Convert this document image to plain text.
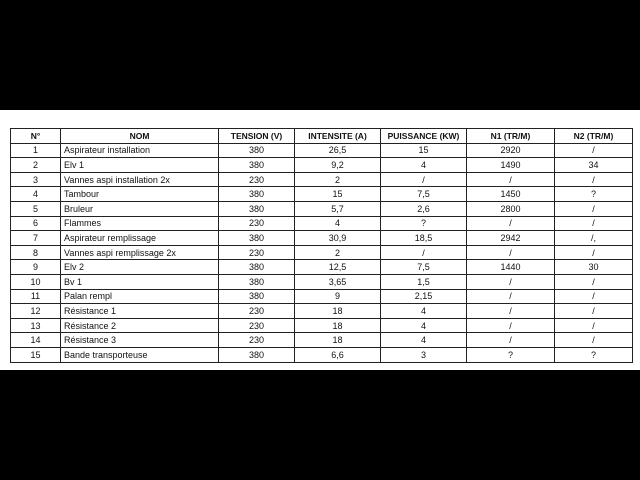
N°	NOM	TENSION (V)	INTENSITE (A)	PUISSANCE (KW)	N1 (TR/M)	N2 (TR/M)
1	Aspirateur installation	380	26,5	15	2920	/
2	Elv 1	380	9,2	4	1490	34
3	Vannes aspi installation 2x	230	2	/	/	/
4	Tambour	380	15	7,5	1450	?
5	Bruleur	380	5,7	2,6	2800	/
6	Flammes	230	4	?	/	/
7	Aspirateur remplissage	380	30,9	18,5	2942	/,
8	Vannes aspi remplissage 2x	230	2	/	/	/
9	Elv 2	380	12,5	7,5	1440	30
10	Bv 1	380	3,65	1,5	/	/
11	Palan rempl	380	9	2,15	/	/
12	Résistance 1	230	18	4	/	/
13	Résistance 2	230	18	4	/	/
14	Résistance 3	230	18	4	/	/
15	Bande transporteuse	380	6,6	3	?	?
